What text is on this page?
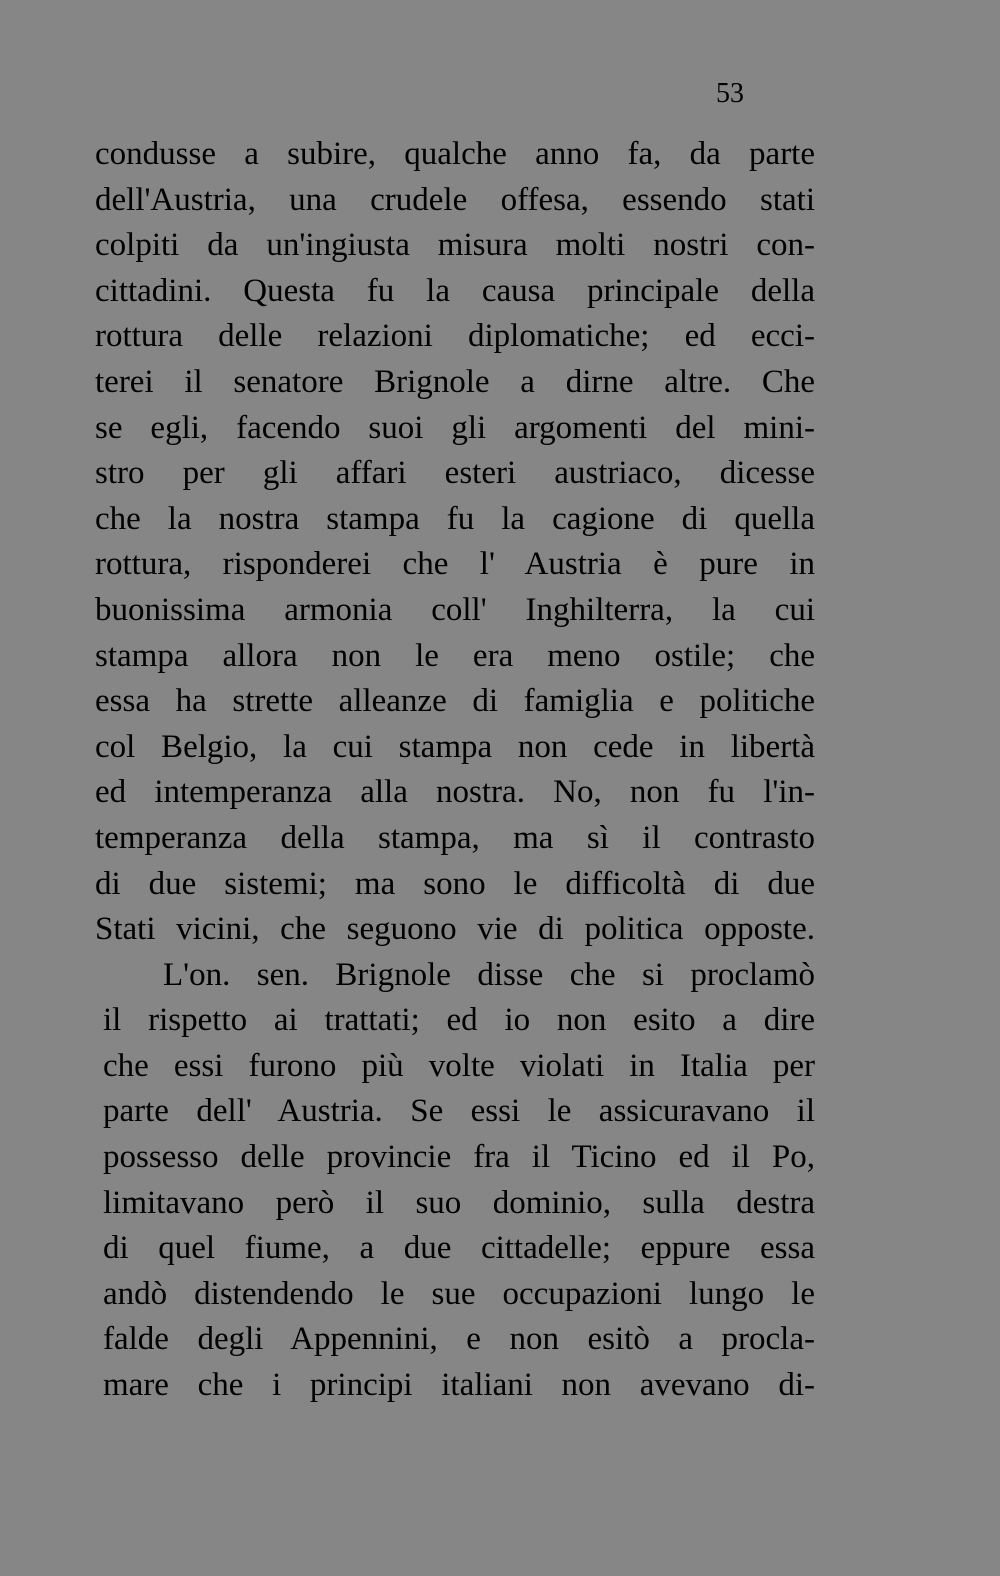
53
condusse a subire, qualche anno fa, da parte
dell'Austria, una crudele offesa, essendo stati
colpiti da un'ingiusta misura molti nostri con-
cittadini. Questa fu la causa principale della
rottura delle relazioni diplomatiche; ed ecci-
terei il senatore Brignole a dirne altre. Che
se egli, facendo suoi gli argomenti del mini-
stro per gli affari esteri austriaco, dicesse
che la nostra stampa fu la cagione di quella
rottura, risponderei che l' Austria è pure in
buonissima armonia coll' Inghilterra, la cui
stampa allora non le era meno ostile; che
essa ha strette alleanze di famiglia e politiche
col Belgio, la cui stampa non cede in libertà
ed intemperanza alla nostra. No, non fu l'in-
temperanza della stampa, ma sì il contrasto
di due sistemi; ma sono le difficoltà di due
Stati vicini, che seguono vie di politica opposte.
L'on. sen. Brignole disse che si proclamò
il rispetto ai trattati; ed io non esito a dire
che essi furono più volte violati in Italia per
parte dell' Austria. Se essi le assicuravano il
possesso delle provincie fra il Ticino ed il Po,
limitavano però il suo dominio, sulla destra
di quel fiume, a due cittadelle; eppure essa
andò distendendo le sue occupazioni lungo le
falde degli Appennini, e non esitò a procla-
mare che i principi italiani non avevano di-
